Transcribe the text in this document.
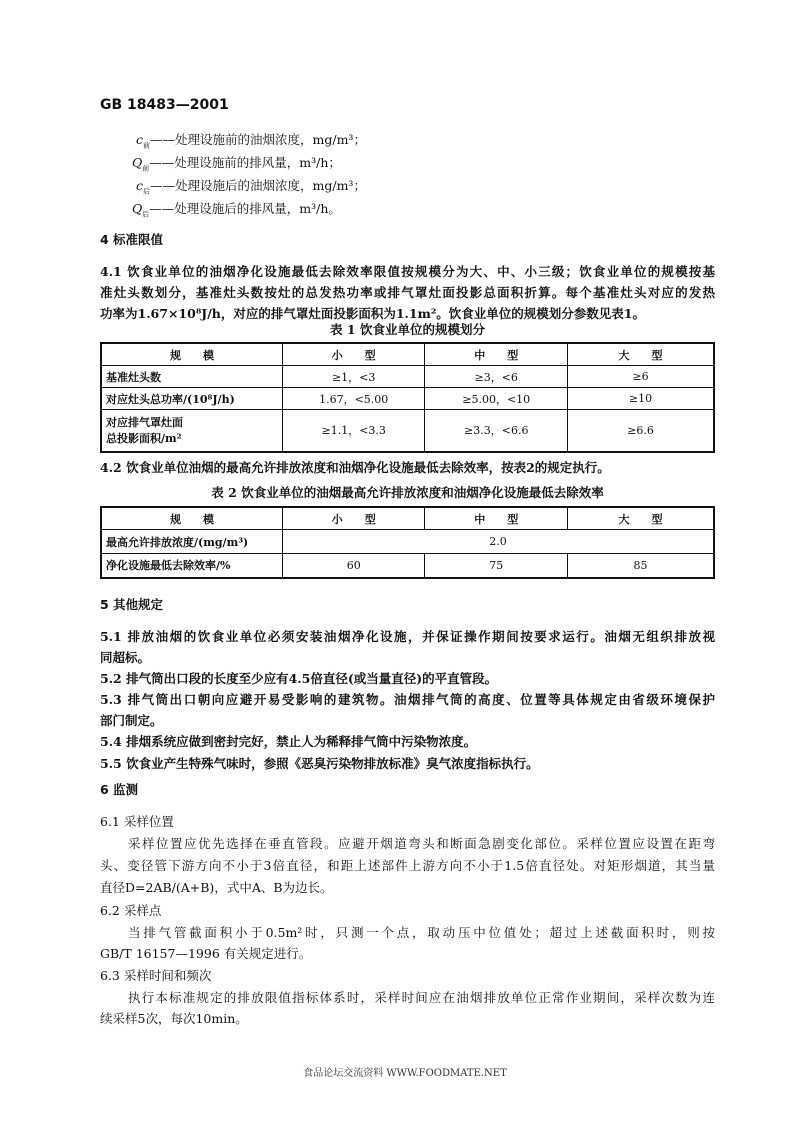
GB 18483—2001
$c_前——$处理设施前的油烟浓度，mg/m³；
$Q_前——$处理设施前的排风量，m³/h；
$c_后——$处理设施后的油烟浓度，mg/m³；
$Q_后——$处理设施后的排风量，m³/h。
4 标准限值
4.1 饮食业单位的油烟净化设施最低去除效率限值按规模分为大、中、小三级；饮食业单位的规模按基
准灶头数划分，基准灶头数按灶的总发热功率或排气罩灶面投影总面积折算。每个基准灶头对应的发热
功率为1.67×10⁸J/h，对应的排气罩灶面投影面积为1.1m²。饮食业单位的规模划分参数见表1。
表 1 饮食业单位的规模划分
规　　模	小　　型	中　　型	大　　型
基准灶头数	≥1，<3	≥3，<6	≥6
对应灶头总功率/(10⁸J/h)	1.67，<5.00	≥5.00，<10	≥10

对应排气罩灶面
总投影面积/m²	≥1.1，<3.3	≥3.3，<6.6	≥6.6
4.2 饮食业单位油烟的最高允许排放浓度和油烟净化设施最低去除效率，按表2的规定执行。
表 2 饮食业单位的油烟最高允许排放浓度和油烟净化设施最低去除效率
规　　模	小　　型	中　　型	大　　型
最高允许排放浓度/(mg/m³)	2.0		
净化设施最低去除效率/%	60	75	85
5 其他规定
5.1 排放油烟的饮食业单位必须安装油烟净化设施，并保证操作期间按要求运行。油烟无组织排放视
同超标。
5.2 排气筒出口段的长度至少应有4.5倍直径(或当量直径)的平直管段。
5.3 排气筒出口朝向应避开易受影响的建筑物。油烟排气筒的高度、位置等具体规定由省级环境保护
部门制定。
5.4 排烟系统应做到密封完好，禁止人为稀释排气筒中污染物浓度。
5.5 饮食业产生特殊气味时，参照《恶臭污染物排放标准》臭气浓度指标执行。
6 监测
6.1 采样位置
采样位置应优先选择在垂直管段。应避开烟道弯头和断面急剧变化部位。采样位置应设置在距弯
头、变径管下游方向不小于3倍直径，和距上述部件上游方向不小于1.5倍直径处。对矩形烟道，其当量
直径D=2AB/(A+B)，式中A、B为边长。
6.2 采样点
当排气管截面积小于0.5m²时，只测一个点，取动压中位值处；超过上述截面积时，则按
GB/T 16157—1996 有关规定进行。
6.3 采样时间和频次
执行本标准规定的排放限值指标体系时，采样时间应在油烟排放单位正常作业期间，采样次数为连
续采样5次，每次10min。
食品论坛交流资料 WWW.FOODMATE.NET
